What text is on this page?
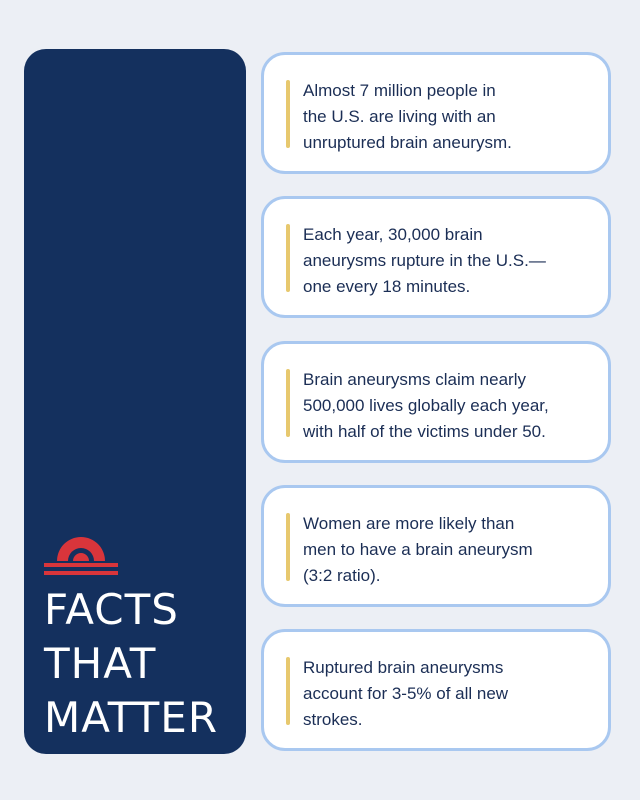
FACTS
THAT
MATTER

Almost 7 million people in
the U.S. are living with an
unruptured brain aneurysm.

Each year, 30,000 brain
aneurysms rupture in the U.S.—
one every 18 minutes.

Brain aneurysms claim nearly
500,000 lives globally each year,
with half of the victims under 50.

Women are more likely than
men to have a brain aneurysm
(3:2 ratio).

Ruptured brain aneurysms
account for 3-5% of all new
strokes.
